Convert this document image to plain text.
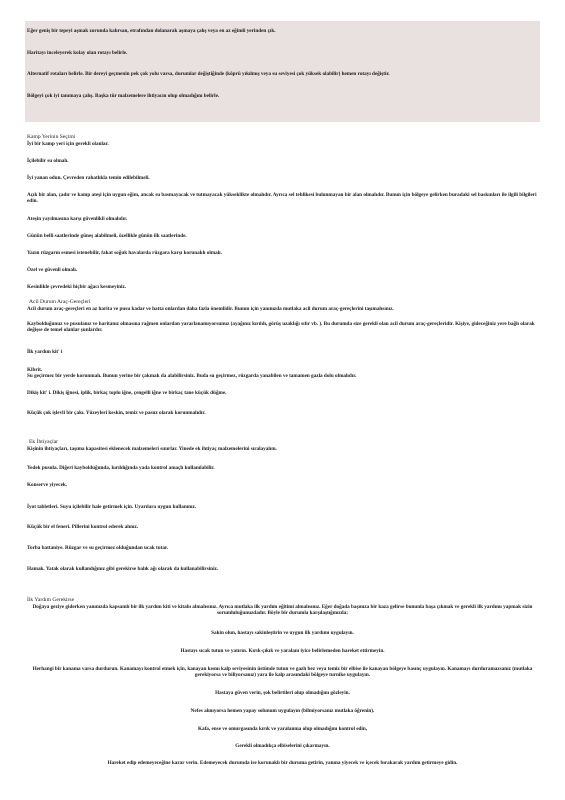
Eğer geniş bir tepeyi aşmak zorunda kalırsan, etrafından dolanarak aşmaya çalış veya en az eğimli yerinden çık.
Haritayı inceleyerek kolay olan rotayı belirle.
Alternatif rotaları belirle. Bir dereyi geçmenin pek çok yolu varsa, durumlar değiştiğinde (köprü yıkılmış veya su seviyesi çok yüksek olabilir) hemen rotayı değiştir.
Bölgeyi çok iyi tanımaya çalış. Başka tür malzemelere ihtiyacın olup olmadığını belirle.
Kamp Yerinin Seçimi
İyi bir kamp yeri için gerekli olanlar.
İçilebilir su olmalı.
İyi yanan odun. Çevreden rahatlıkla temin edilebilmeli.
Açık bir alan, çadır ve kamp ateşi için uygun eğim, ancak su basmayacak ve tutmayacak yükseklikte olmalıdır. Ayrıca sel tehlikesi bulunmayan bir alan olmalıdır. Bunun için bölgeye gelirken buradaki sel baskınları ile ilgili bilgileri edin.
Ateşin yayılmasına karşı güvenlikli olmalıdır.
Günün belli saatlerinde güneş alabilmeli, özellikle günün ilk saatlerinde.
Yazın rüzgarın esmesi istenebilir, fakat soğuk havalarda rüzgara karşı korunaklı olmalı.
Özel ve güvenli olmalı.
Kesinlikle çevredeki hiçbir ağacı kesmeyiniz.
Acil Durum Araç-Gereçleri
Acil durum araç-gereçleri en az harita ve pusu kadar ve hatta onlardan daha fazla önemlidir. Bunun için yanınızda mutlaka acil durum araç-gereçlerini taşımalısınız.
Kaybolduğunuz ve pusulanız ve haritanız olmasına rağmen onlardan yararlanamıyorsunuz (ayağınız kırıldı, görüş uzaklığı sıfır vb. ). Bu durumda size gerekli olan acil durum araç-gereçleridir. Kişiye, gideceğiniz yere bağlı olarak değişse de temel olanlar şunlardır.
İlk yardım kit' i
Kibrit.
Su geçirmez bir yerde korunmalı. Bunun yerine bir çakmak da alabilirsiniz. Buda su geçirmez, rüzgarda yanabilen ve tamamen gazla dolu olmalıdır.
Dikiş kit' i. Dikiş iğnesi, iplik, birkaç toplu iğne, çengelli iğne ve birkaç tane küçük düğme.
Küçük çok işlevli bir çakı. Yüzeyleri keskin, temiz ve pasuz olarak korunmalıdır.
Ek İhtiyaçlar
Kişinin ihtiyaçları, taşıma kapasitesi eklenecek malzemeleri sınırlar. Yinede ek ihtiyaç malzemelerini sıralayalım.
Yedek pusula. Diğeri kaybolduğunda, kırıldığında yada kontrol amaçlı kullanılabilir.
Konserve yiyecek.
İyot tabletleri. Suyu içilebilir hale getirmek için. Uyarılara uygun kullanınız.
Küçük bir el feneri. Pillerini kontrol ederek alınız.
Torba battaniye. Rüzgar ve su geçirmez olduğundan ucak tutar.
Hamak. Yatak olarak kullandığınız gibi gerekirse balık ağı olarak da kullanabilirsiniz.
İlk Yardım Gerekirse
Doğaya geziye giderken yanınızda kapsamlı bir ilk yardım kiti ve kitabı almalısınız. Ayrıca mutlaka ilk yardım eğitimi almalısınız. Eğer doğada başınıza bir kaza gelirse bununla başa çıkmak ve gerekli ilk yardımı yapmak sizin sorumluluğunuzdadır. Böyle bir durumla karşılaştığınızda;
Sakin olun, hastayı sakinleştirin ve uygun ilk yardımı uygulayın.
Hastayı sıcak tutun ve yatırın. Kırık-çıkık ve yaralanı iyice belirlemeden hareket ettirmeyin.
Herhangi bir kanama varsa durdurun. Kanamayı kontrol etmek için, kanayan kısmı kalp seviyesinin üstünde tutun ve gazlı bez veya temiz bir elbise ile kanayan bölgeye basınç uygulayın. Kanamayı durduramazsanız (mutlaka gerekiyorsa ve biliyorsanız) yara ile kalp arasındaki bölgeye turnike uygulayın.
Hastaya güven verin, şok belirtileri olup olmadığını gözleyin.
Nefes alınıyorsa hemen yapay solunum uygulayın (bilmiyorsanız mutlaka öğrenin).
Kafa, ense ve omurgasında kırık ve yaralanma olup olmadığını kontrol edin,
Gerekli olmadıkça elbiselerini çıkarmayın.
Hareket edip edemeyeceğine karar verin. Edemeyecek durumda ise korunaklı bir duruma getirin, yanına yiyecek ve içecek bırakarak yardım getirmeye gidin.
